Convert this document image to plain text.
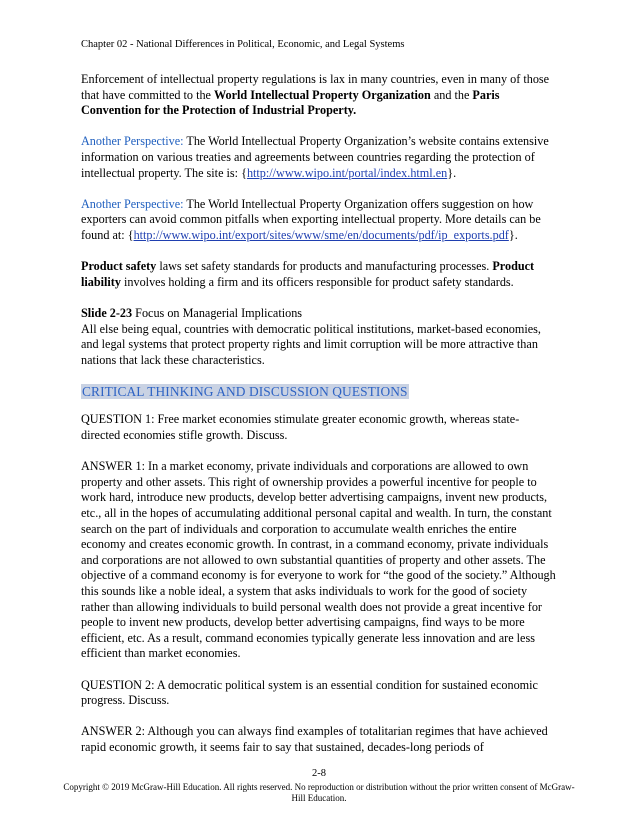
Chapter 02 - National Differences in Political, Economic, and Legal Systems

Enforcement of intellectual property regulations is lax in many countries, even in many of those that have committed to the World Intellectual Property Organization and the Paris Convention for the Protection of Industrial Property.

Another Perspective: The World Intellectual Property Organization’s website contains extensive information on various treaties and agreements between countries regarding the protection of intellectual property. The site is: {http://www.wipo.int/portal/index.html.en}.

Another Perspective: The World Intellectual Property Organization offers suggestion on how exporters can avoid common pitfalls when exporting intellectual property. More details can be found at: {http://www.wipo.int/export/sites/www/sme/en/documents/pdf/ip_exports.pdf}.

Product safety laws set safety standards for products and manufacturing processes. Product liability involves holding a firm and its officers responsible for product safety standards.

Slide 2-23 Focus on Managerial Implications
All else being equal, countries with democratic political institutions, market-based economies, and legal systems that protect property rights and limit corruption will be more attractive than nations that lack these characteristics.

CRITICAL THINKING AND DISCUSSION QUESTIONS

QUESTION 1: Free market economies stimulate greater economic growth, whereas state-directed economies stifle growth. Discuss.

ANSWER 1: In a market economy, private individuals and corporations are allowed to own property and other assets. This right of ownership provides a powerful incentive for people to work hard, introduce new products, develop better advertising campaigns, invent new products, etc., all in the hopes of accumulating additional personal capital and wealth. In turn, the constant search on the part of individuals and corporation to accumulate wealth enriches the entire economy and creates economic growth. In contrast, in a command economy, private individuals and corporations are not allowed to own substantial quantities of property and other assets. The objective of a command economy is for everyone to work for “the good of the society.” Although this sounds like a noble ideal, a system that asks individuals to work for the good of society rather than allowing individuals to build personal wealth does not provide a great incentive for people to invent new products, develop better advertising campaigns, find ways to be more efficient, etc. As a result, command economies typically generate less innovation and are less efficient than market economies.

QUESTION 2: A democratic political system is an essential condition for sustained economic progress. Discuss.

ANSWER 2: Although you can always find examples of totalitarian regimes that have achieved rapid economic growth, it seems fair to say that sustained, decades-long periods of

2-8
Copyright © 2019 McGraw-Hill Education. All rights reserved. No reproduction or distribution without the prior written consent of McGraw-Hill Education.
